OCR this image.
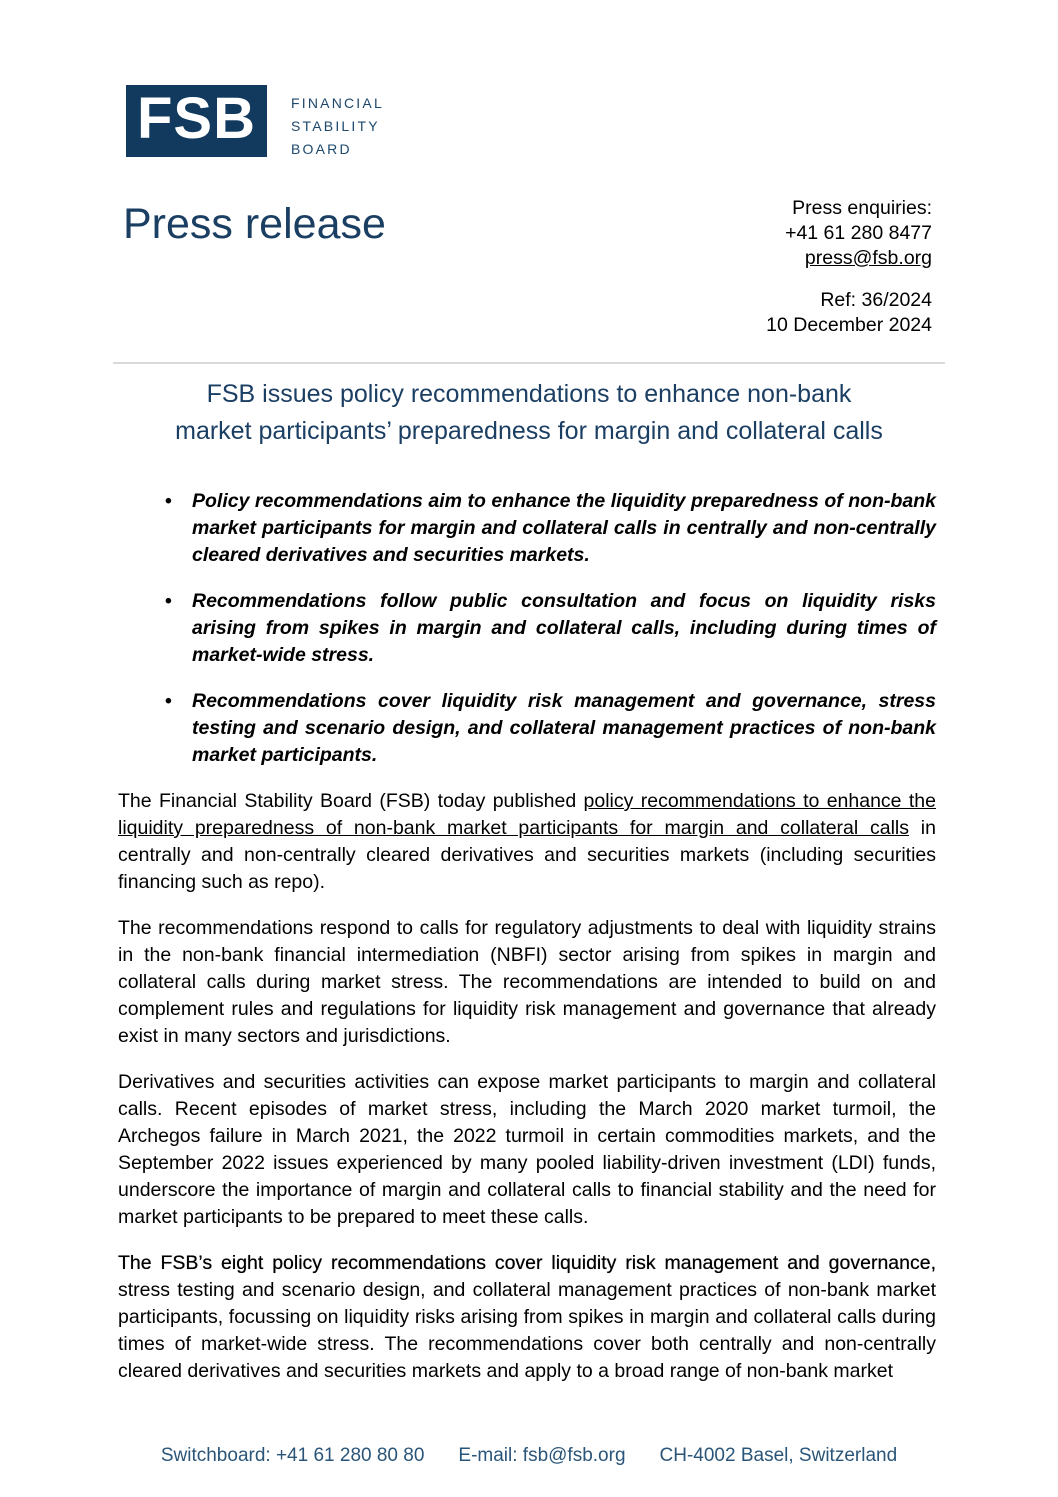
FSB	FINANCIAL
STABILITY
BOARD
Press release	Press enquiries:
+41 61 280 8477
press@fsb.org
Ref: 36/2024
10 December 2024
FSB issues policy recommendations to enhance non-bank
market participants’ preparedness for margin and collateral calls
• Policy recommendations aim to enhance the liquidity preparedness of non-bank market participants for margin and collateral calls in centrally and non-centrally cleared derivatives and securities markets.
• Recommendations follow public consultation and focus on liquidity risks arising from spikes in margin and collateral calls, including during times of market-wide stress.
• Recommendations cover liquidity risk management and governance, stress testing and scenario design, and collateral management practices of non-bank market participants.

The Financial Stability Board (FSB) today published policy recommendations to enhance the liquidity preparedness of non-bank market participants for margin and collateral calls in centrally and non-centrally cleared derivatives and securities markets (including securities financing such as repo).

The recommendations respond to calls for regulatory adjustments to deal with liquidity strains in the non-bank financial intermediation (NBFI) sector arising from spikes in margin and collateral calls during market stress. The recommendations are intended to build on and complement rules and regulations for liquidity risk management and governance that already exist in many sectors and jurisdictions.

Derivatives and securities activities can expose market participants to margin and collateral calls. Recent episodes of market stress, including the March 2020 market turmoil, the Archegos failure in March 2021, the 2022 turmoil in certain commodities markets, and the September 2022 issues experienced by many pooled liability-driven investment (LDI) funds, underscore the importance of margin and collateral calls to financial stability and the need for market participants to be prepared to meet these calls.

The FSB’s eight policy recommendations cover liquidity risk management and governance, stress testing and scenario design, and collateral management practices of non-bank market participants, focussing on liquidity risks arising from spikes in margin and collateral calls during times of market-wide stress. The recommendations cover both centrally and non-centrally cleared derivatives and securities markets and apply to a broad range of non-bank market

Switchboard: +41 61 280 80 80 E-mail: fsb@fsb.org CH-4002 Basel, Switzerland
